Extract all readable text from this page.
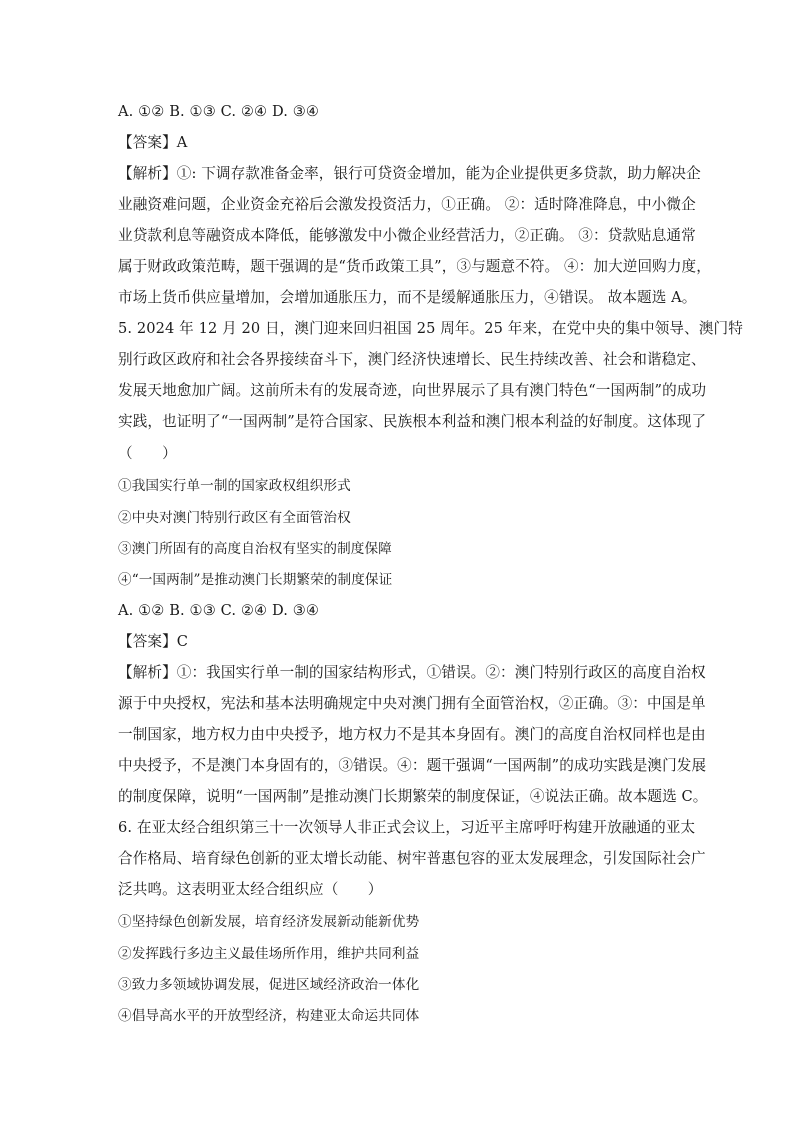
A. ①② B. ①③ C. ②④ D. ③④
【答案】A
【解析】①: 下调存款准备金率，银行可贷资金增加，能为企业提供更多贷款，助力解决企
业融资难问题，企业资金充裕后会激发投资活力，①正确。 ②：适时降准降息，中小微企
业贷款利息等融资成本降低，能够激发中小微企业经营活力，②正确。 ③：贷款贴息通常
属于财政政策范畴，题干强调的是“货币政策工具”，③与题意不符。 ④：加大逆回购力度，
市场上货币供应量增加，会增加通胀压力，而不是缓解通胀压力，④错误。 故本题选 A。
5. 2024 年 12 月 20 日，澳门迎来回归祖国 25 周年。25 年来，在党中央的集中领导、澳门特
别行政区政府和社会各界接续奋斗下，澳门经济快速增长、民生持续改善、社会和谐稳定、
发展天地愈加广阔。这前所未有的发展奇迹，向世界展示了具有澳门特色“一国两制”的成功
实践，也证明了“一国两制”是符合国家、民族根本利益和澳门根本利益的好制度。这体现了
（　　）
①我国实行单一制的国家政权组织形式
②中央对澳门特别行政区有全面管治权
③澳门所固有的高度自治权有坚实的制度保障
④“一国两制”是推动澳门长期繁荣的制度保证
A. ①② B. ①③ C. ②④ D. ③④
【答案】C
【解析】①：我国实行单一制的国家结构形式，①错误。②：澳门特别行政区的高度自治权
源于中央授权，宪法和基本法明确规定中央对澳门拥有全面管治权，②正确。③：中国是单
一制国家，地方权力由中央授予，地方权力不是其本身固有。澳门的高度自治权同样也是由
中央授予，不是澳门本身固有的，③错误。④：题干强调“一国两制”的成功实践是澳门发展
的制度保障，说明“一国两制”是推动澳门长期繁荣的制度保证，④说法正确。故本题选 C。
6. 在亚太经合组织第三十一次领导人非正式会议上，习近平主席呼吁构建开放融通的亚太
合作格局、培育绿色创新的亚太增长动能、树牢普惠包容的亚太发展理念，引发国际社会广
泛共鸣。这表明亚太经合组织应（　　）
①坚持绿色创新发展，培育经济发展新动能新优势
②发挥践行多边主义最佳场所作用，维护共同利益
③致力多领域协调发展，促进区域经济政治一体化
④倡导高水平的开放型经济，构建亚太命运共同体
